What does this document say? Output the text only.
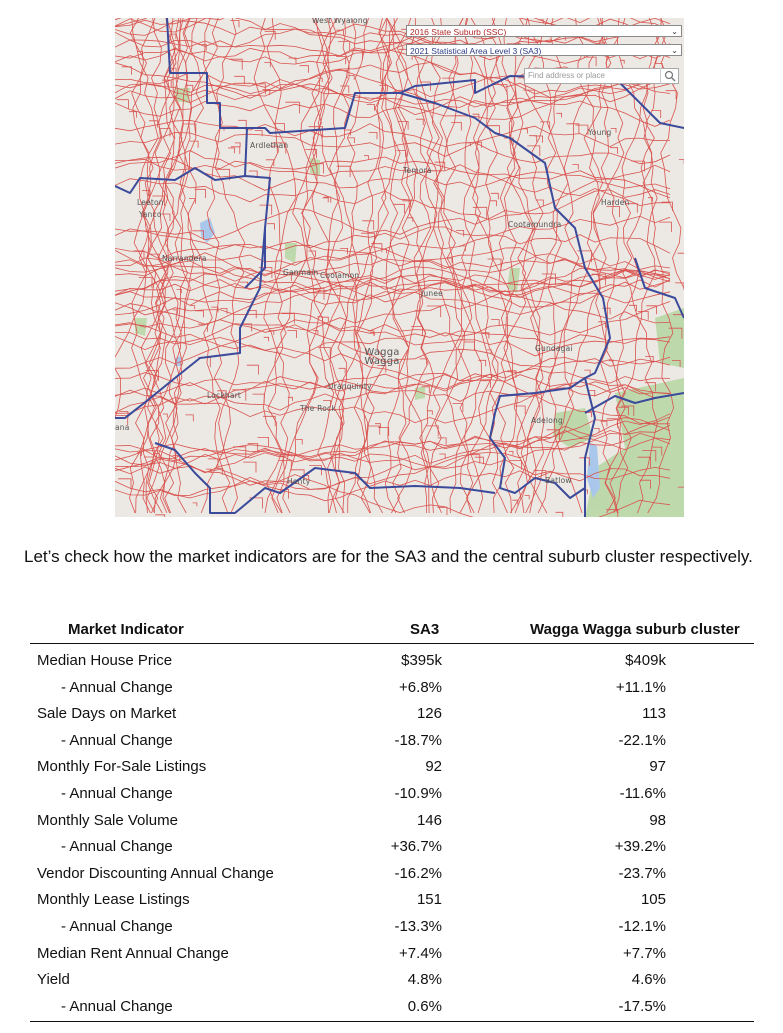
2016 State Suburb (SSC)	⌄
2021 Statistical Area Level 3 (SA3)	⌄
Find address or place
West Wyalong
Young
Ardlethan
Temora
Harden
Leeton
Yanco
Cootamundra
Narrandera
Ganmain Coolamon
Junee
Gundagai
Wagga Wagga
Uranquinty
Lockhart
The Rock
Adelong
ana
Henty	Batlow
Let’s check how the market indicators are for the SA3 and the central suburb cluster respectively.
Market Indicator	SA3	Wagga Wagga suburb cluster
Median House Price	$395k	$409k
- Annual Change	+6.8%	+11.1%
Sale Days on Market	126	113
- Annual Change	-18.7%	-22.1%
Monthly For-Sale Listings	92	97
- Annual Change	-10.9%	-11.6%
Monthly Sale Volume	146	98
- Annual Change	+36.7%	+39.2%
Vendor Discounting Annual Change	-16.2%	-23.7%
Monthly Lease Listings	151	105
- Annual Change	-13.3%	-12.1%
Median Rent Annual Change	+7.4%	+7.7%
Yield	4.8%	4.6%
- Annual Change	0.6%	-17.5%
